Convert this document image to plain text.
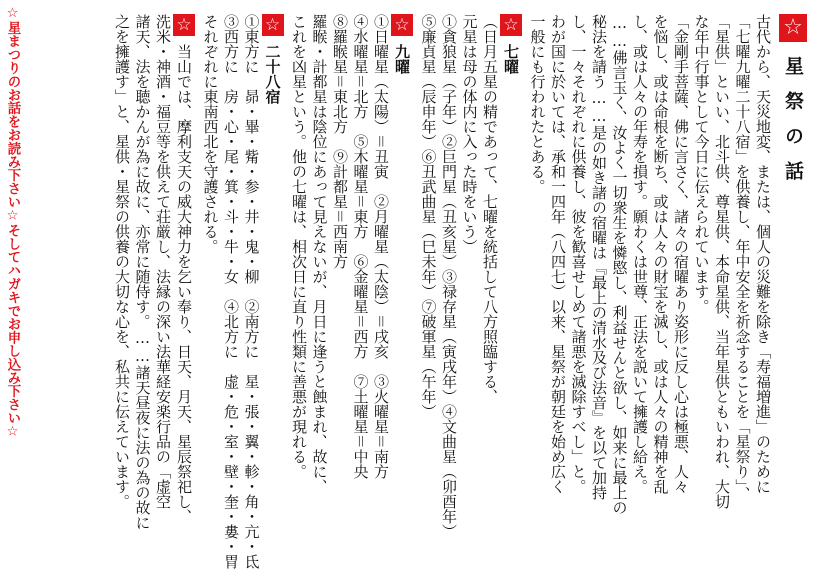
☆星まつりのお話をお読み下さい☆そしてハガキでお申し込み下さい☆	☆星祭の話
古代から、天災地変、または、個人の災難を除き「寿福増進」のために
「七曜九曜二十八宿」を供養し、年中安全を祈念することを「星祭り」、
「星供」といい、北斗供、尊星供、本命星供、当年星供ともいわれ、大切
な年中行事として今日に伝えられています。
「金剛手菩薩、佛に言さく、諸々の宿曜あり姿形に反し心は極悪、人々
を悩し、或は命根を断ち、或は人々の財宝を滅し、或は人々の精神を乱
し、或は人々の年寿を損す。願わくは世尊、正法を説いて擁護し給え。
……佛言玉く、汝よく一切衆生を憐愍し、利益せんと欲し、如来に最上の
秘法を請う……是の如き諸の宿曜は『最上の清水及び法音』を以て加持
し、一々それぞれに供養し、彼を歓喜せしめて諸悪を滅除すべし」と。
わが国に於いては、承和一四年（八四七）以来、星祭が朝廷を始め広く
一般にも行われたとある。
☆七曜
（日月五星の精であって、七曜を統括して八方照臨する、
元星は母の体内に入った時をいう）
①貪狼星（子年）②巨門星（丑亥星）③禄存星（寅戌年）④文曲星（卯酉年）
⑤廉貞星（辰申年）⑥丑武曲星（巳未年）⑦破軍星（午年）
☆九曜
①日曜星（太陽）＝丑寅　②月曜星（太陰）＝戌亥　③火曜星＝南方
④水曜星＝北方　⑤木曜星＝東方　⑥金曜星＝西方　⑦土曜星＝中央
⑧羅睺星＝東北方　⑨計都星＝西南方
羅睺・計都星は陰位にあって見えないが、月日に逢うと蝕まれ、故に、
これを凶星という。他の七曜は、相次日に直り性類に善悪が現れる。
☆二十八宿
①東方に　昴・畢・觜・参・井・鬼・柳　②南方に　星・張・翼・軫・角・亢・氐
③西方に　房・心・尾・箕・斗・牛・女　④北方に　虚・危・室・壁・奎・婁・胃
それぞれに東南西北を守護される。
☆当山では、摩利支天の威大神力を乞い奉り、日天、月天、星辰祭祀し、
洗米・神酒・福豆等を供えて荘厳し、法縁の深い法華経安楽行品の「虚空
諸天、法を聴かんが為に故に、亦常に随侍す。……諸天昼夜に法の為の故に
之を擁護す」と、星供・星祭の供養の大切な心を、私共に伝えています。
